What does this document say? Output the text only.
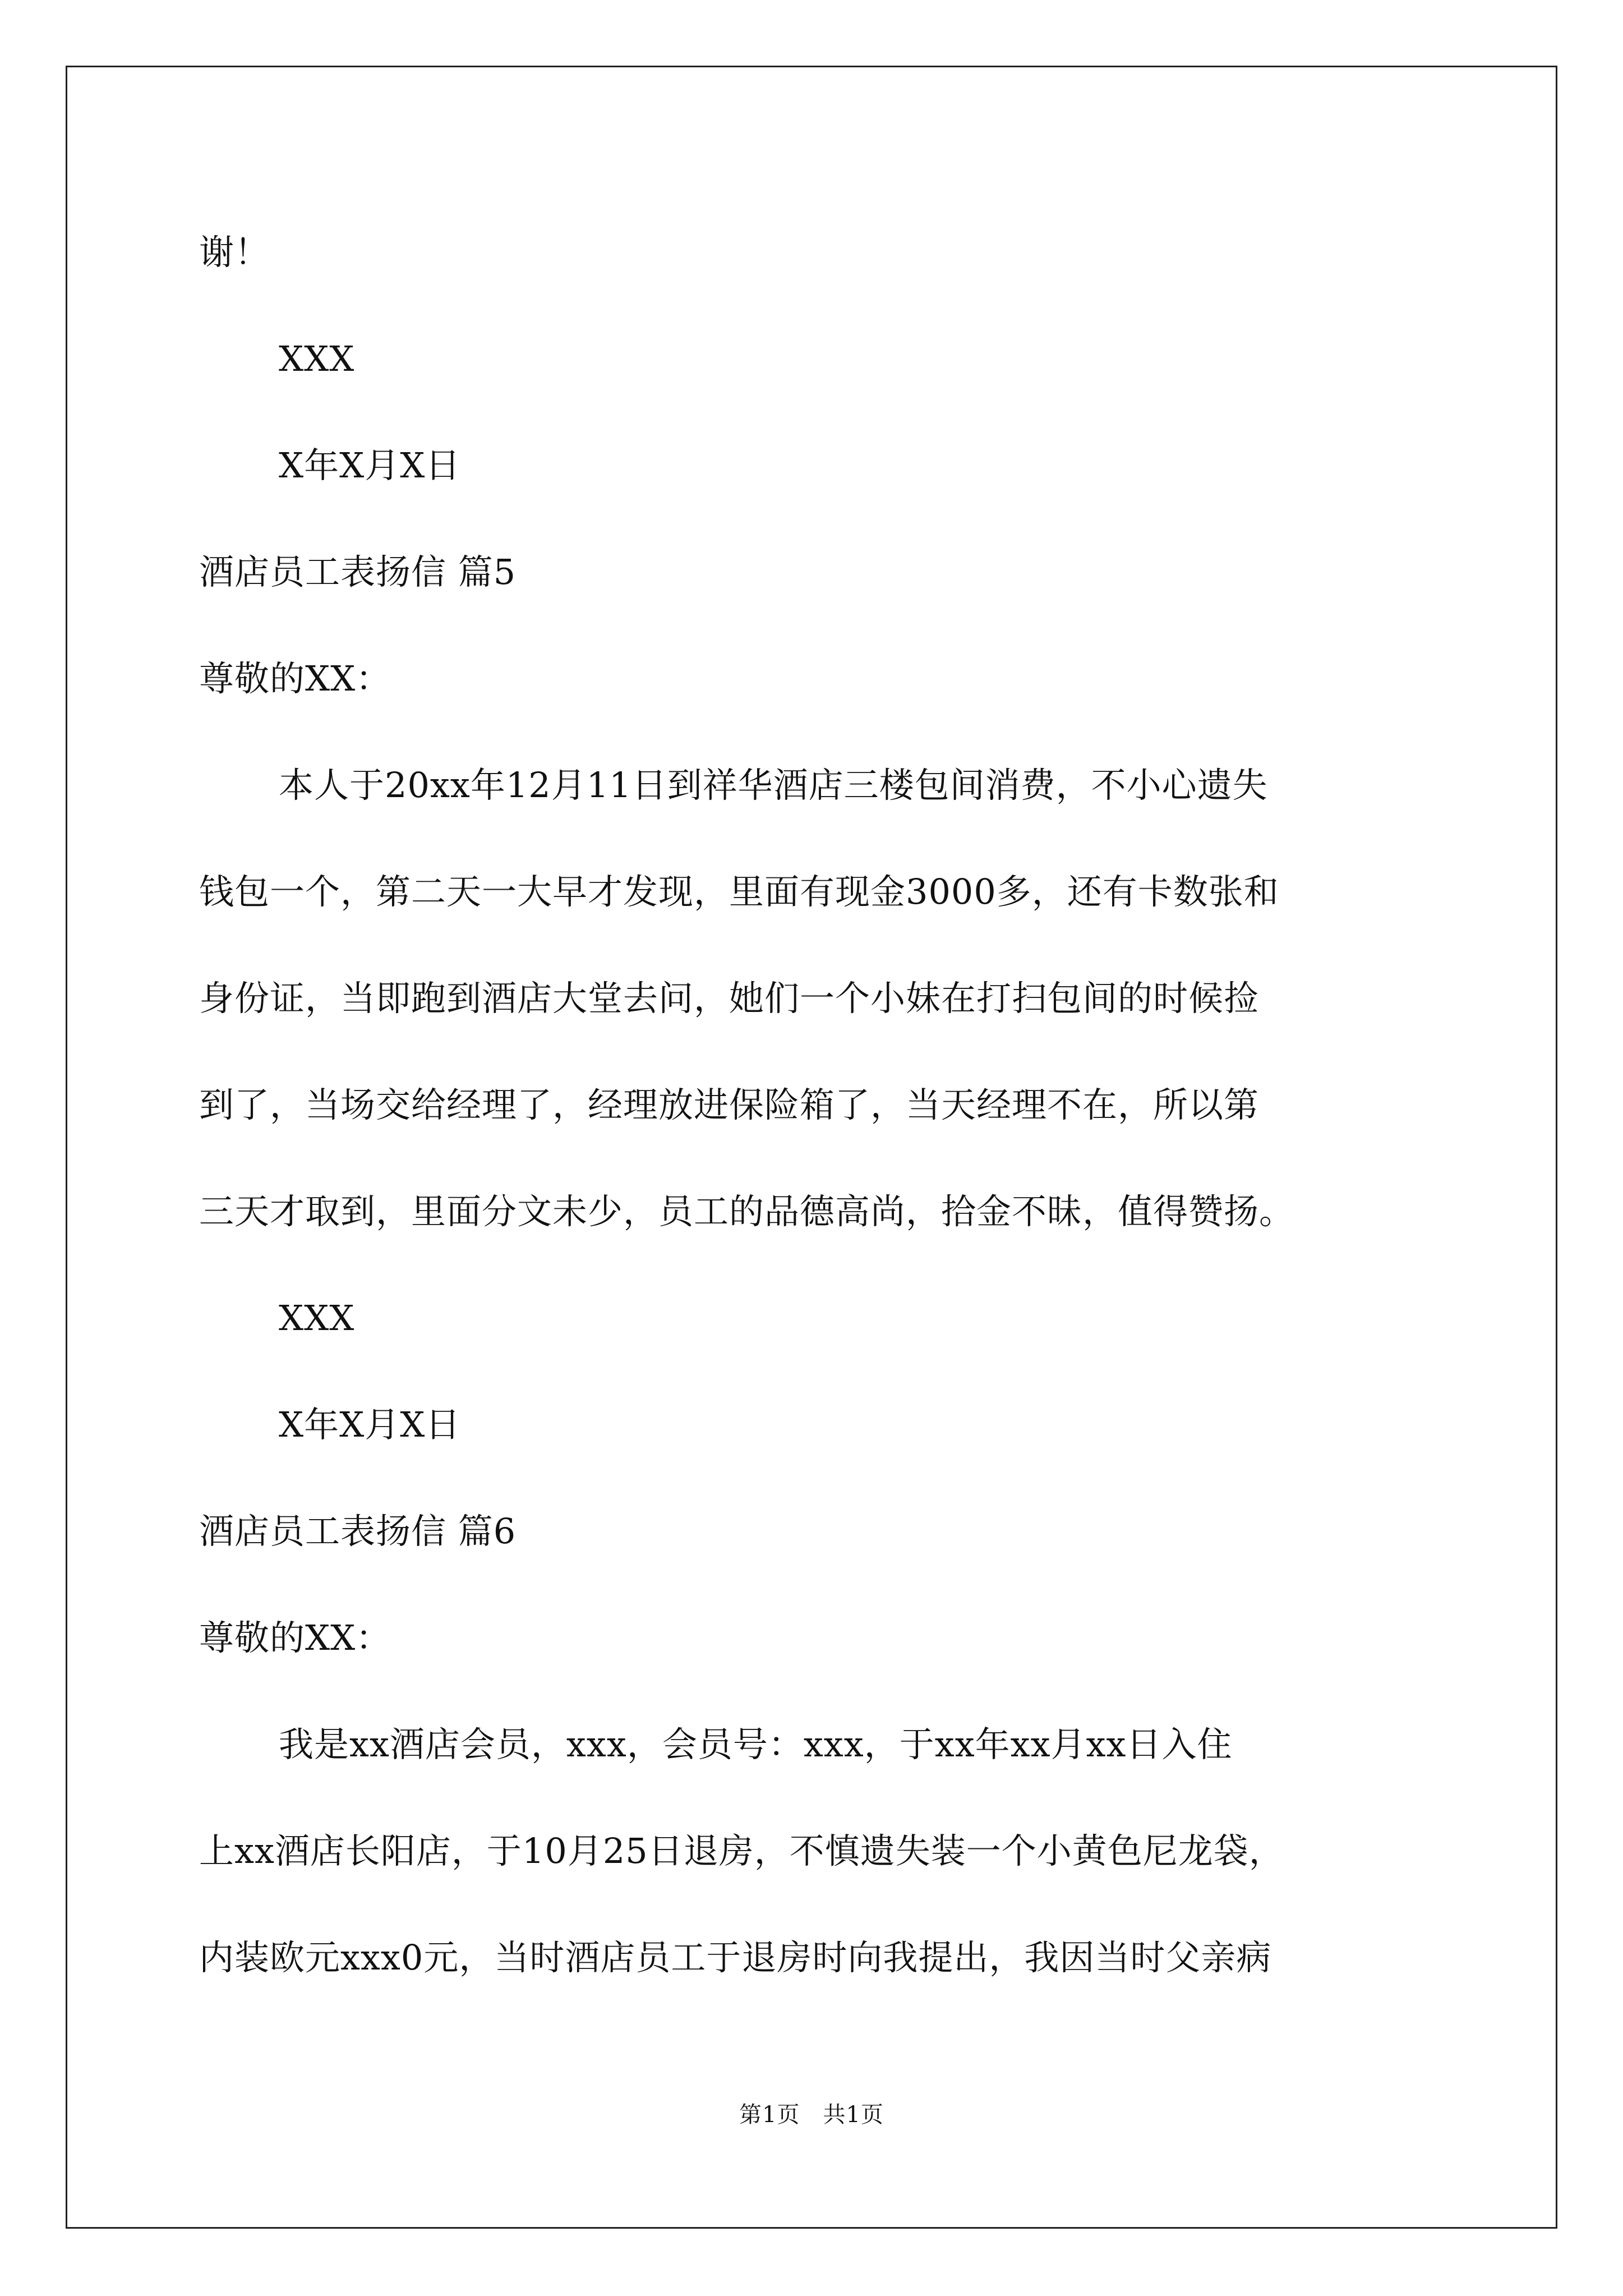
谢！
XXX
X年X月X日
酒店员工表扬信 篇5
尊敬的XX：
本人于20xx年12月11日到祥华酒店三楼包间消费，不小心遗失
钱包一个，第二天一大早才发现，里面有现金3000多，还有卡数张和
身份证，当即跑到酒店大堂去问，她们一个小妹在打扫包间的时候捡
到了，当场交给经理了，经理放进保险箱了，当天经理不在，所以第
三天才取到，里面分文未少，员工的品德高尚，拾金不昧，值得赞扬。
XXX
X年X月X日
酒店员工表扬信 篇6
尊敬的XX：
我是xx酒店会员，xxx，会员号：xxx，于xx年xx月xx日入住
上xx酒店长阳店，于10月25日退房，不慎遗失装一个小黄色尼龙袋，
内装欧元xxx0元，当时酒店员工于退房时向我提出，我因当时父亲病
第1页　共1页
